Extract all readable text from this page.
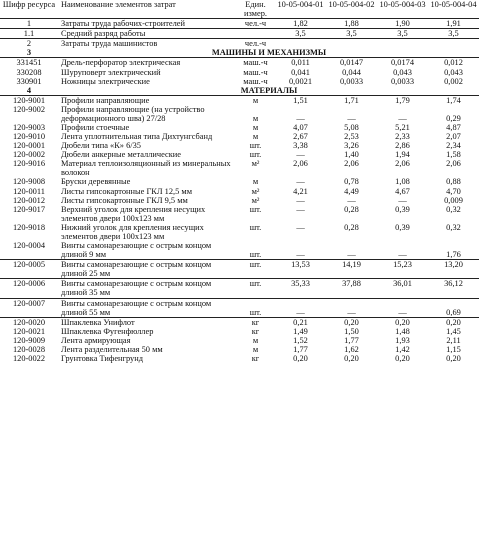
Шифр ресурса	Наименование элементов затрат	Един. измер.	10-05-004-01	10-05-004-02	10-05-004-03	10-05-004-04
1	Затраты труда рабочих-строителей	чел.-ч	1,82	1,88	1,90	1,91
1.1	Средний разряд работы		3,5	3,5	3,5	3,5
2	Затраты труда машинистов	чел.-ч				
3	МАШИНЫ И МЕХАНИЗМЫ					
331451	Дрель-перфоратор электрическая	маш.-ч	0,011	0,0147	0,0174	0,012
330208	Шуруповерт электрический	маш.-ч	0,041	0,044	0,043	0,043
330901	Ножницы электрические	маш.-ч	0,0021	0,0033	0,0033	0,002
4	МАТЕРИАЛЫ					
120-9001	Профили направляющие	м	1,51	1,71	1,79	1,74
120-9002	Профили направляющие (на устройство деформационного шва) 27/28	м	—	—	—	0,29
120-9003	Профили стоечные	м	4,07	5,08	5,21	4,87
120-9010	Лента уплотнительная типа Дихтунгсбанд	м	2,67	2,53	2,33	2,07
120-0001	Дюбели типа «К» 6/35	шт.	3,38	3,26	2,86	2,34
120-0002	Дюбели анкерные металлические	шт.	—	1,40	1,94	1,58
120-9016	Материал теплоизоляционный из минеральных волокон	м²	2,06	2,06	2,06	2,06
120-9008	Бруски деревянные	м	—	0,78	1,08	0,88
120-0011	Листы гипсокартонные ГКЛ 12,5 мм	м²	4,21	4,49	4,67	4,70
120-0012	Листы гипсокартонные ГКЛ 9,5 мм	м²	—	—	—	0,009
120-9017	Верхний уголок для крепления несущих элементов двери 100х123 мм	шт.	—	0,28	0,39	0,32
120-9018	Нижний уголок для крепления несущих элементов двери 100х123 мм	шт.	—	0,28	0,39	0,32
120-0004	Винты самонарезающие с острым концом длиной 9 мм	шт.	—	—	—	1,76
120-0005	Винты самонарезающие с острым концом длиной 25 мм	шт.	13,53	14,19	15,23	13,20
120-0006	Винты самонарезающие с острым концом длиной 35 мм	шт.	35,33	37,88	36,01	36,12
120-0007	Винты самонарезающие с острым концом длиной 55 мм	шт.	—	—	—	0,69
120-0020	Шпаклевка Унифлот	кг	0,21	0,20	0,20	0,20
120-0021	Шпаклевка Фугенфюллер	кг	1,49	1,50	1,48	1,45
120-9009	Лента армирующая	м	1,52	1,77	1,93	2,11
120-0028	Лента разделительная 50 мм	м	1,77	1,62	1,42	1,15
120-0022	Грунтовка Тифенгрунд	кг	0,20	0,20	0,20	0,20
